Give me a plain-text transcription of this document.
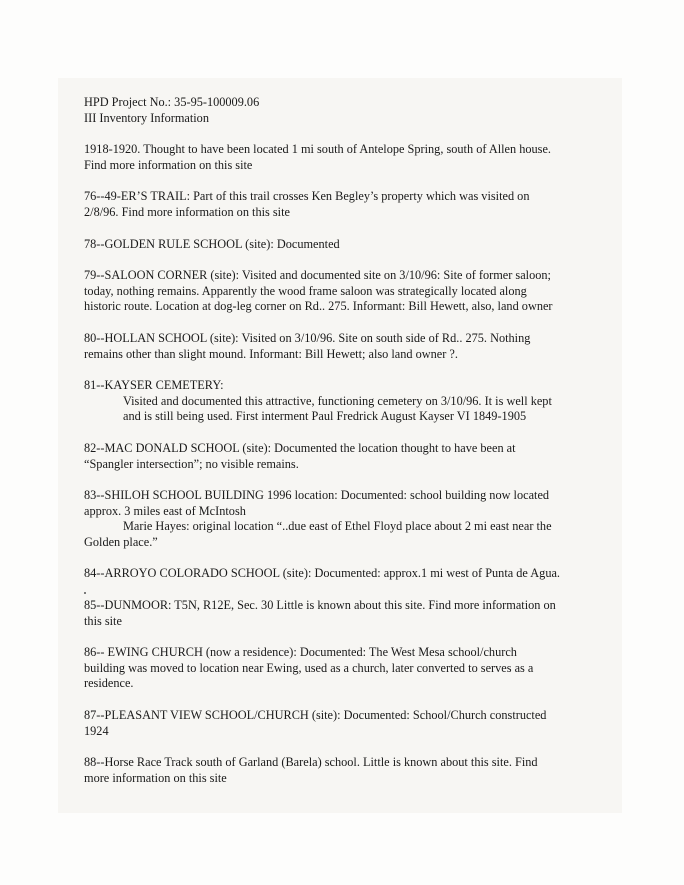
HPD Project No.: 35-95-100009.06
III Inventory Information

1918-1920. Thought to have been located 1 mi south of Antelope Spring, south of Allen house.

Find more information on this site

76--49-ER’S TRAIL: Part of this trail crosses Ken Begley’s property which was visited on

2/8/96. Find more information on this site

78--GOLDEN RULE SCHOOL (site): Documented

79--SALOON CORNER (site): Visited and documented site on 3/10/96: Site of former saloon;

today, nothing remains. Apparently the wood frame saloon was strategically located along

historic route. Location at dog-leg corner on Rd.. 275. Informant: Bill Hewett, also, land owner

80--HOLLAN SCHOOL (site): Visited on 3/10/96. Site on south side of Rd.. 275. Nothing

remains other than slight mound. Informant: Bill Hewett; also land owner ?.

81--KAYSER CEMETERY:

Visited and documented this attractive, functioning cemetery on 3/10/96. It is well kept

and is still being used. First interment Paul Fredrick August Kayser VI 1849-1905

82--MAC DONALD SCHOOL (site): Documented the location thought to have been at

“Spangler intersection”; no visible remains.

83--SHILOH SCHOOL BUILDING 1996 location: Documented: school building now located

approx. 3 miles east of McIntosh

Marie Hayes: original location “..due east of Ethel Floyd place about 2 mi east near the

Golden place.”

84--ARROYO COLORADO SCHOOL (site): Documented: approx.1 mi west of Punta de Agua.

85--DUNMOOR: T5N, R12E, Sec. 30 Little is known about this site. Find more information on

this site

86-- EWING CHURCH (now a residence): Documented: The West Mesa school/church

building was moved to location near Ewing, used as a church, later converted to serves as a

residence.

87--PLEASANT VIEW SCHOOL/CHURCH (site): Documented: School/Church constructed

1924

88--Horse Race Track south of Garland (Barela) school. Little is known about this site. Find

more information on this site
